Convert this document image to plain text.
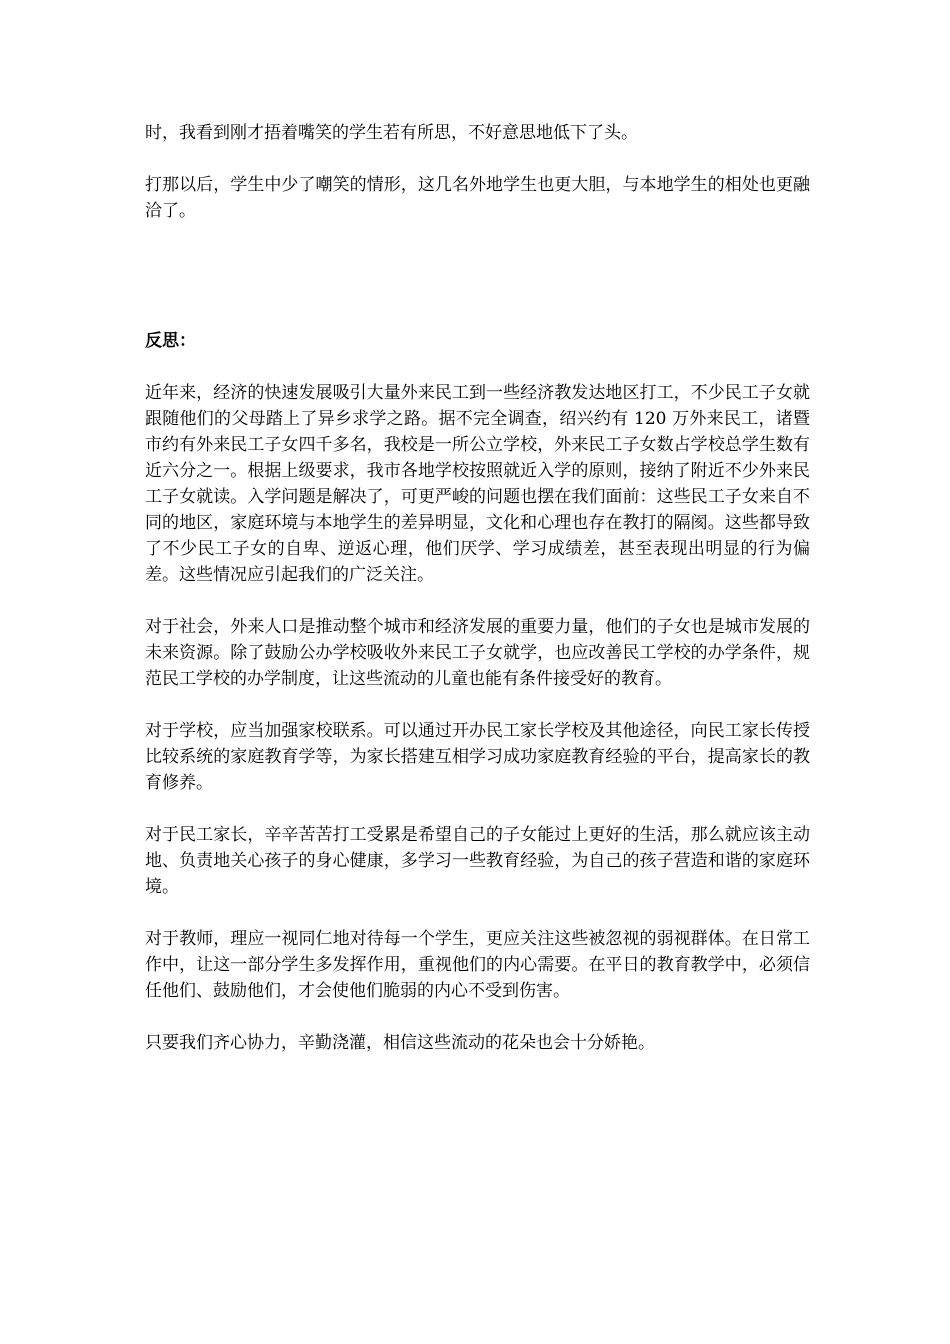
时，我看到刚才捂着嘴笑的学生若有所思，不好意思地低下了头。

打那以后，学生中少了嘲笑的情形，这几名外地学生也更大胆，与本地学生的相处也更融洽了。

反思：

近年来，经济的快速发展吸引大量外来民工到一些经济教发达地区打工，不少民工子女就跟随他们的父母踏上了异乡求学之路。据不完全调查，绍兴约有 120 万外来民工，诸暨市约有外来民工子女四千多名，我校是一所公立学校，外来民工子女数占学校总学生数有近六分之一。根据上级要求，我市各地学校按照就近入学的原则，接纳了附近不少外来民工子女就读。入学问题是解决了，可更严峻的问题也摆在我们面前：这些民工子女来自不同的地区，家庭环境与本地学生的差异明显，文化和心理也存在教打的隔阂。这些都导致了不少民工子女的自卑、逆返心理，他们厌学、学习成绩差，甚至表现出明显的行为偏差。这些情况应引起我们的广泛关注。

对于社会，外来人口是推动整个城市和经济发展的重要力量，他们的子女也是城市发展的未来资源。除了鼓励公办学校吸收外来民工子女就学，也应改善民工学校的办学条件，规范民工学校的办学制度，让这些流动的儿童也能有条件接受好的教育。

对于学校，应当加强家校联系。可以通过开办民工家长学校及其他途径，向民工家长传授比较系统的家庭教育学等，为家长搭建互相学习成功家庭教育经验的平台，提高家长的教育修养。

对于民工家长，辛辛苦苦打工受累是希望自己的子女能过上更好的生活，那么就应该主动地、负责地关心孩子的身心健康，多学习一些教育经验，为自己的孩子营造和谐的家庭环境。

对于教师，理应一视同仁地对待每一个学生，更应关注这些被忽视的弱视群体。在日常工作中，让这一部分学生多发挥作用，重视他们的内心需要。在平日的教育教学中，必须信任他们、鼓励他们，才会使他们脆弱的内心不受到伤害。

只要我们齐心协力，辛勤浇灌，相信这些流动的花朵也会十分娇艳。
